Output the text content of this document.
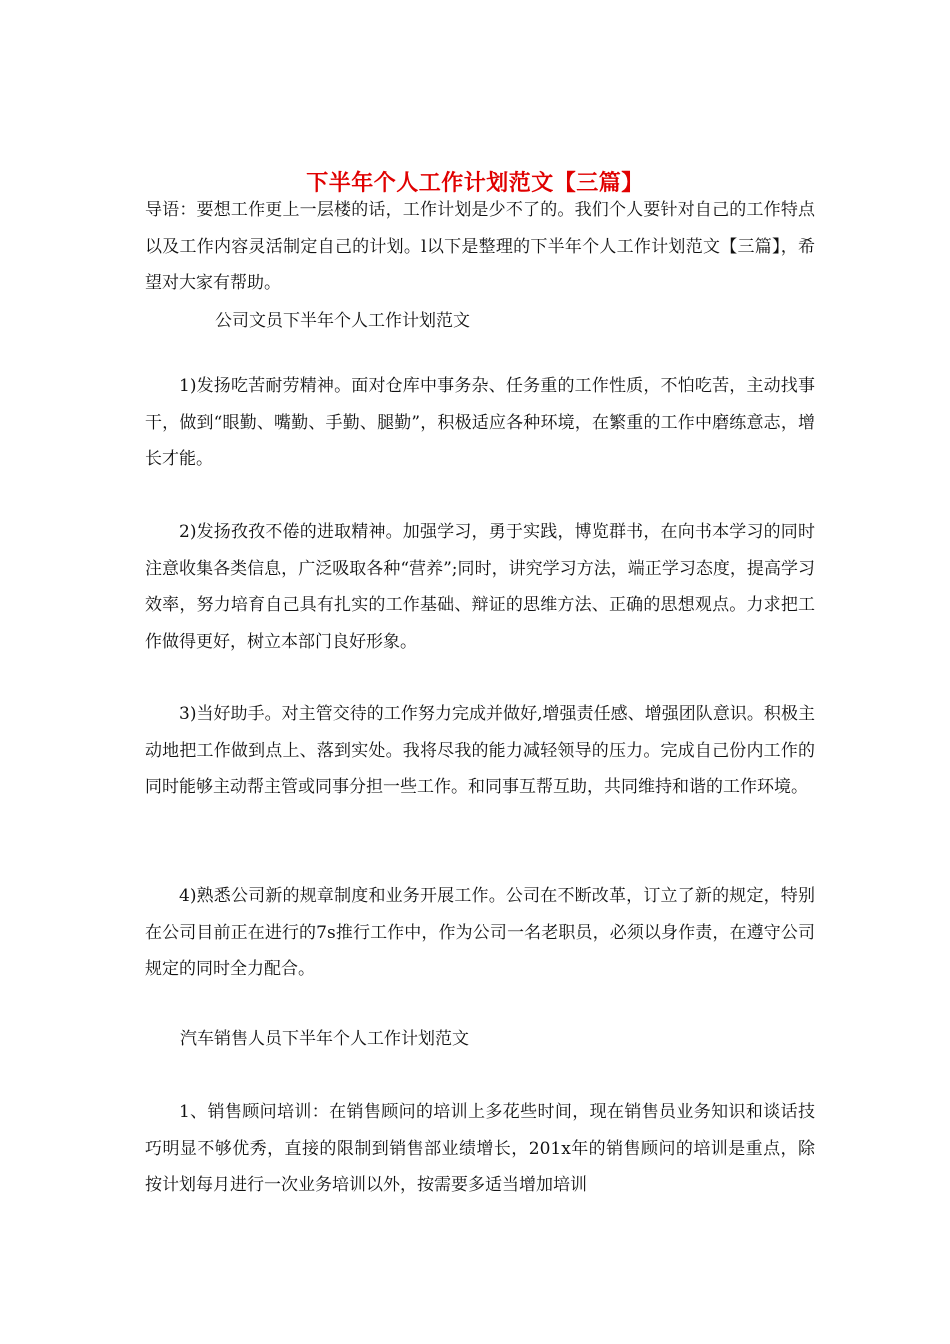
下半年个人工作计划范文【三篇】

导语：要想工作更上一层楼的话，工作计划是少不了的。我们个人要针对自己的工作特点以及工作内容灵活制定自己的计划。l以下是整理的下半年个人工作计划范文【三篇】，希望对大家有帮助。

公司文员下半年个人工作计划范文

1)发扬吃苦耐劳精神。面对仓库中事务杂、任务重的工作性质，不怕吃苦，主动找事干，做到“眼勤、嘴勤、手勤、腿勤”，积极适应各种环境，在繁重的工作中磨练意志，增长才能。

2)发扬孜孜不倦的进取精神。加强学习，勇于实践，博览群书，在向书本学习的同时注意收集各类信息，广泛吸取各种“营养”;同时，讲究学习方法，端正学习态度，提高学习效率，努力培育自己具有扎实的工作基础、辩证的思维方法、正确的思想观点。力求把工作做得更好，树立本部门良好形象。

3)当好助手。对主管交待的工作努力完成并做好,增强责任感、增强团队意识。积极主动地把工作做到点上、落到实处。我将尽我的能力减轻领导的压力。完成自己份内工作的同时能够主动帮主管或同事分担一些工作。和同事互帮互助，共同维持和谐的工作环境。

4)熟悉公司新的规章制度和业务开展工作。公司在不断改革，订立了新的规定，特别在公司目前正在进行的7s推行工作中，作为公司一名老职员，必须以身作责，在遵守公司规定的同时全力配合。

汽车销售人员下半年个人工作计划范文

1、销售顾问培训：在销售顾问的培训上多花些时间，现在销售员业务知识和谈话技巧明显不够优秀，直接的限制到销售部业绩增长，201x年的销售顾问的培训是重点，除按计划每月进行一次业务培训以外，按需要多适当增加培训
